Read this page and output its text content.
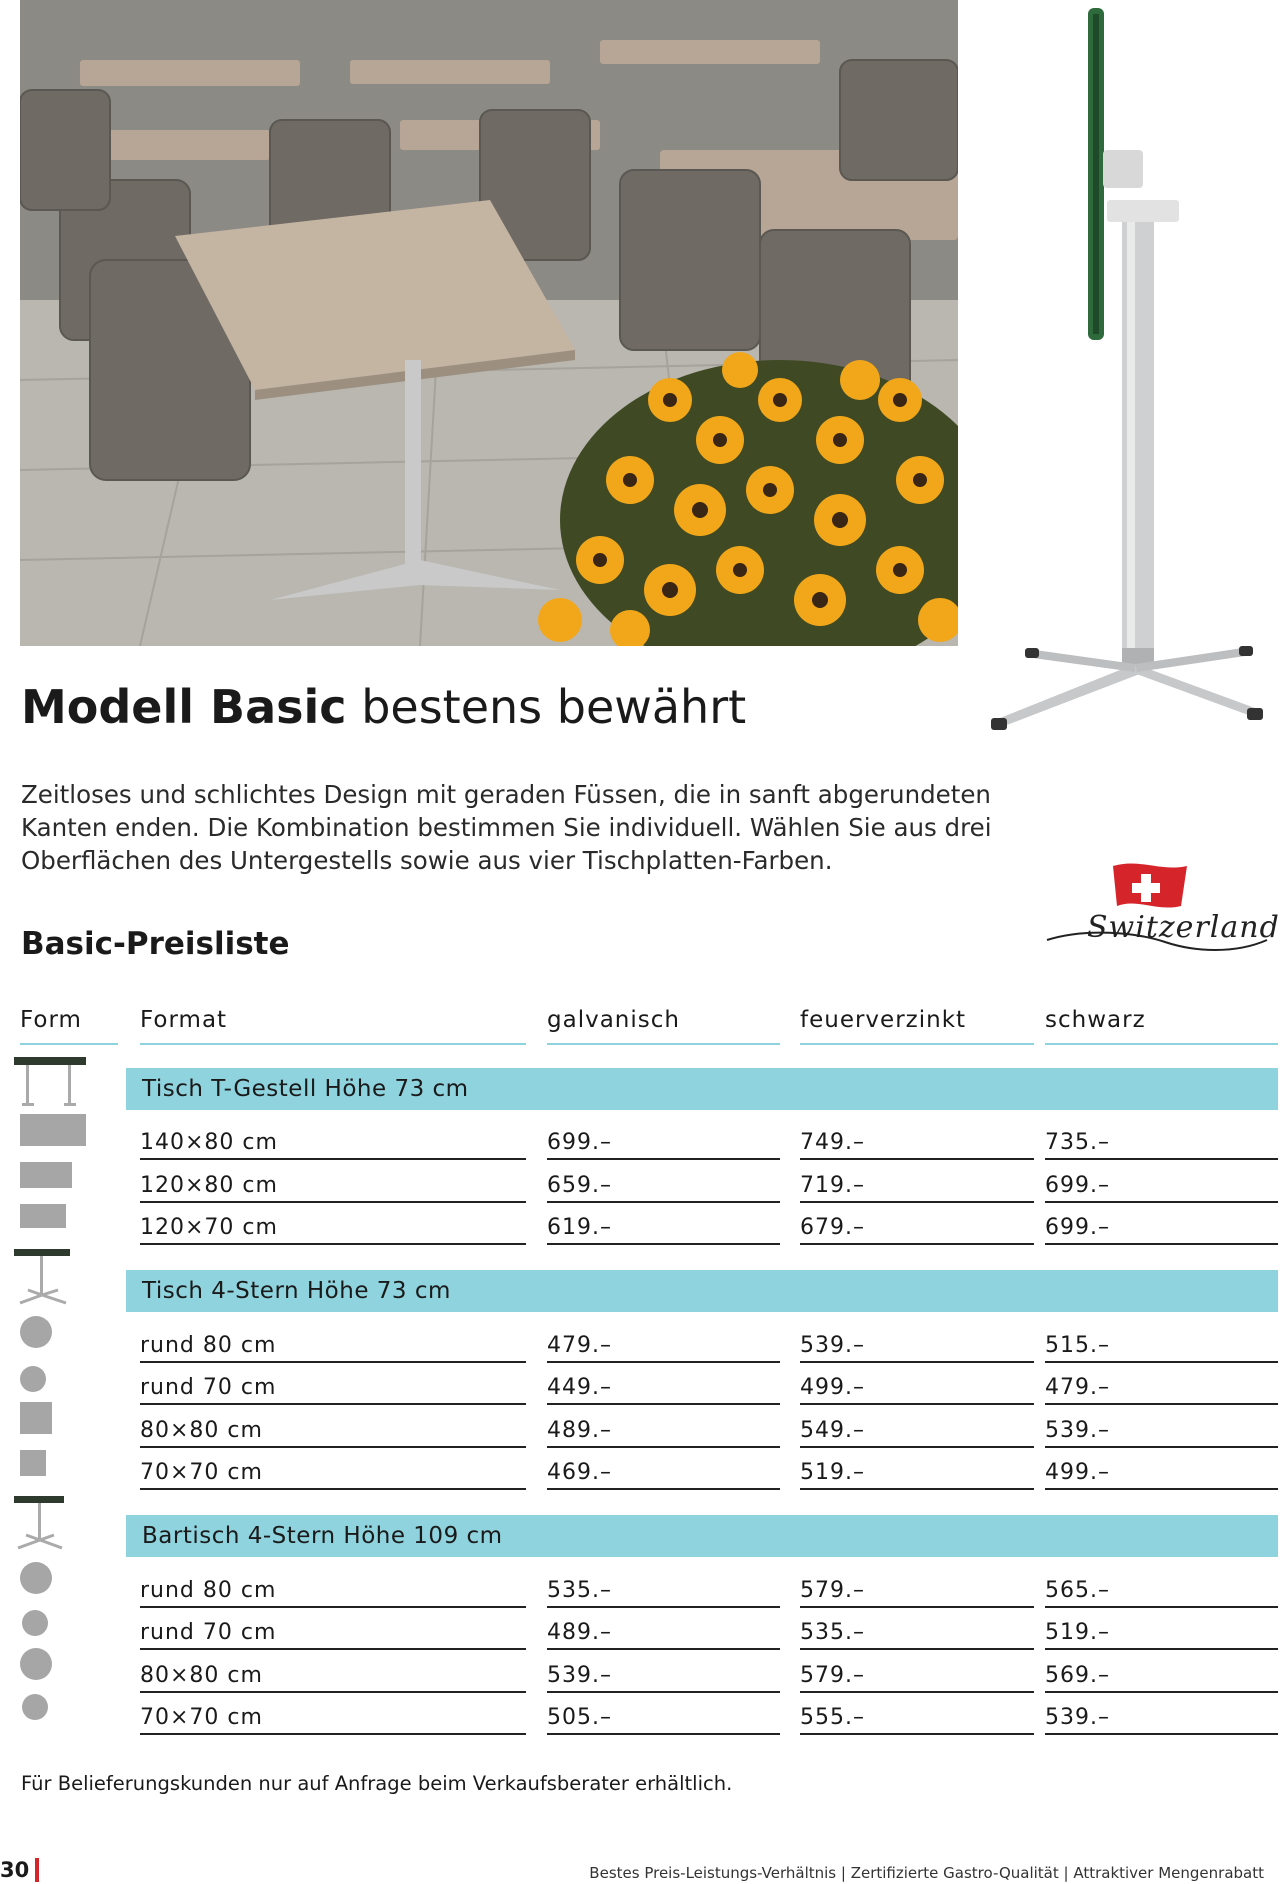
Switzerland
Modell Basic bestens bewährt

Zeitloses und schlichtes Design mit geraden Füssen, die in sanft abgerundeten Kanten enden. Die Kombination bestimmen Sie individuell. Wählen Sie aus drei Oberflächen des Untergestells sowie aus vier Tischplatten-Farben.

Basic-Preisliste
Form	Format	galvanisch	feuerverzinkt	schwarz
Tisch T-Gestell Höhe 73 cm
140×80 cm	699.–	749.–	735.–
120×80 cm	659.–	719.–	699.–
120×70 cm	619.–	679.–	699.–
Tisch 4-Stern Höhe 73 cm
rund 80 cm	479.–	539.–	515.–
rund 70 cm	449.–	499.–	479.–
80×80 cm	489.–	549.–	539.–
70×70 cm	469.–	519.–	499.–
Bartisch 4-Stern Höhe 109 cm
rund 80 cm	535.–	579.–	565.–
rund 70 cm	489.–	535.–	519.–
80×80 cm	539.–	579.–	569.–
70×70 cm	505.–	555.–	539.–

Für Belieferungskunden nur auf Anfrage beim Verkaufsberater erhältlich.

30	Bestes Preis-Leistungs-Verhältnis | Zertifizierte Gastro-Qualität | Attraktiver Mengenrabatt
